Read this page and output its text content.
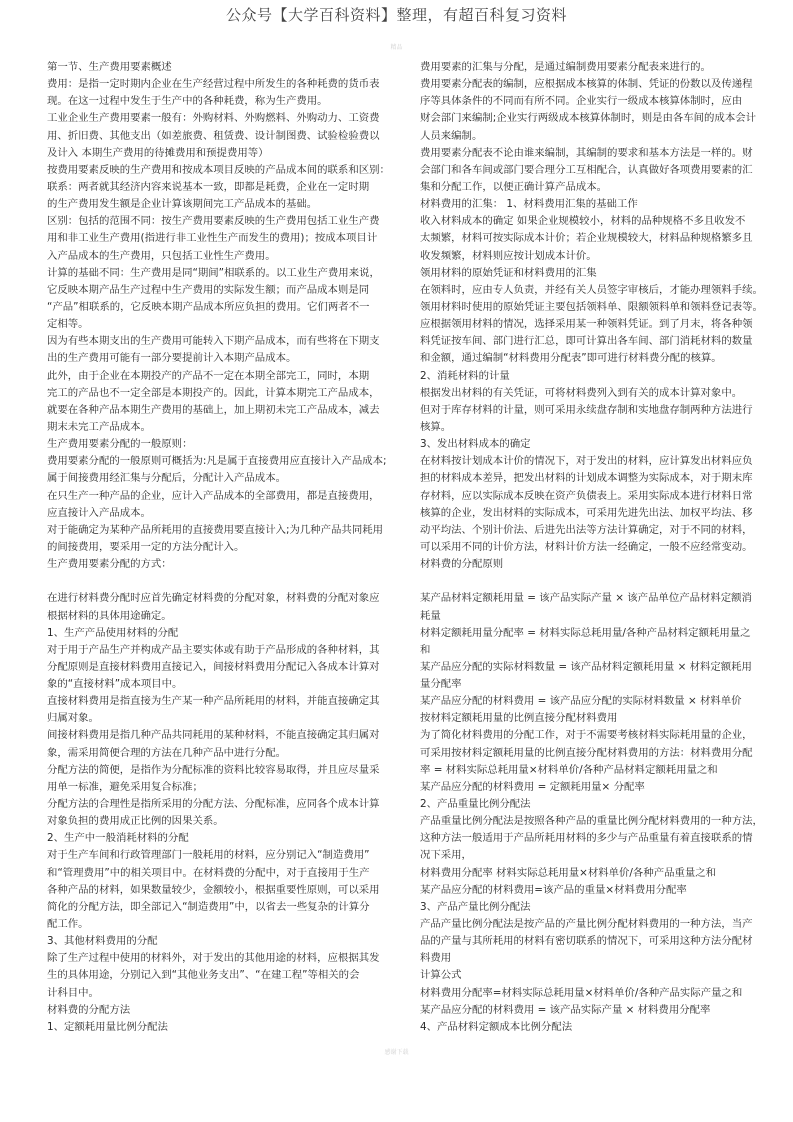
公众号【大学百科资料】整理，有超百科复习资料
精品
第一节、生产费用要素概述
费用：是指一定时期内企业在生产经营过程中所发生的各种耗费的货币表
现。在这一过程中发生于生产中的各种耗费，称为生产费用。
工业企业生产费用要素一般有：外购材料、外购燃料、外购动力、工资费
用、折旧费、其他支出（如差旅费、租赁费、设计制图费、试验检验费以
及计入 本期生产费用的待摊费用和预提费用等）
按费用要素反映的生产费用和按成本项目反映的产品成本间的联系和区别：
联系：两者就其经济内容来说基本一致，即都是耗费，企业在一定时期
的生产费用发生额是企业计算该期间完工产品成本的基础。
区别：包括的范围不同：按生产费用要素反映的生产费用包括工业生产费
用和非工业生产费用(指进行非工业性生产而发生的费用)；按成本项目计
入产品成本的生产费用，只包括工业性生产费用。
计算的基础不同：生产费用是同“期间”相联系的。以工业生产费用来说，
它反映本期产品生产过程中生产费用的实际发生额；而产品成本则是同
“产品”相联系的，它反映本期产品成本所应负担的费用。它们两者不一
定相等。
因为有些本期支出的生产费用可能转入下期产品成本，而有些将在下期支
出的生产费用可能有一部分要提前计入本期产品成本。
此外，由于企业在本期投产的产品不一定在本期全部完工，同时，本期
完工的产品也不一定全部是本期投产的。因此，计算本期完工产品成本，
就要在各种产品本期生产费用的基础上，加上期初未完工产品成本，减去
期末未完工产品成本。
生产费用要素分配的一般原则：
费用要素分配的一般原则可概括为:凡是属于直接费用应直接计入产品成本;
属于间接费用经汇集与分配后，分配计入产品成本。
在只生产一种产品的企业，应计入产品成本的全部费用，都是直接费用，
应直接计入产品成本。
对于能确定为某种产品所耗用的直接费用要直接计入;为几种产品共同耗用
的间接费用，要采用一定的方法分配计入。
生产费用要素分配的方式：
在进行材料费分配时应首先确定材料费的分配对象，材料费的分配对象应
根据材料的具体用途确定。
1、生产产品使用材料的分配
对于用于产品生产并构成产品主要实体或有助于产品形成的各种材料，其
分配原则是直接材料费用直接记入，间接材料费用分配记入各成本计算对
象的“直接材料”成本项目中。
直接材料费用是指直接为生产某一种产品所耗用的材料，并能直接确定其
归属对象。
间接材料费用是指几种产品共同耗用的某种材料，不能直接确定其归属对
象，需采用简便合理的方法在几种产品中进行分配。
分配方法的简便，是指作为分配标准的资料比较容易取得，并且应尽量采
用单一标准，避免采用复合标准；
分配方法的合理性是指所采用的分配方法、分配标准，应同各个成本计算
对象负担的费用成正比例的因果关系。
2、生产中一般消耗材料的分配
对于生产车间和行政管理部门一般耗用的材料，应分别记入“制造费用”
和“管理费用”中的相关项目中。在材料费的分配中，对于直接用于生产
各种产品的材料，如果数量较少，金额较小，根据重要性原则，可以采用
简化的分配方法，即全部记入“制造费用”中，以省去一些复杂的计算分
配工作。
3、其他材料费用的分配
除了生产过程中使用的材料外，对于发出的其他用途的材料，应根据其发
生的具体用途，分别记入到“其他业务支出”、“在建工程”等相关的会
计科目中。
材料费的分配方法
1、定额耗用量比例分配法
费用要素的汇集与分配，是通过编制费用要素分配表来进行的。
费用要素分配表的编制，应根据成本核算的体制、凭证的份数以及传递程
序等具体条件的不同而有所不同。企业实行一级成本核算体制时，应由
财会部门来编制;企业实行两级成本核算体制时，则是由各车间的成本会计
人员来编制。
费用要素分配表不论由谁来编制，其编制的要求和基本方法是一样的。财
会部门和各车间或部门要合理分工互相配合，认真做好各项费用要素的汇
集和分配工作，以便正确计算产品成本。
材料费用的汇集： 1、材料费用汇集的基础工作
收入材料成本的确定 如果企业规模较小，材料的品种规格不多且收发不
太频繁，材料可按实际成本计价；若企业规模较大，材料品种规格繁多且
收发频繁，材料则应按计划成本计价。
领用材料的原始凭证和材料费用的汇集
在领料时，应由专人负责，并经有关人员签字审核后，才能办理领料手续。
领用材料时使用的原始凭证主要包括领料单、限额领料单和领料登记表等。
应根据领用材料的情况，选择采用某一种领料凭证。到了月末，将各种领
料凭证按车间、部门进行汇总，即可计算出各车间、部门消耗材料的数量
和金额，通过编制“材料费用分配表”即可进行材料费分配的核算。
2、消耗材料的计量
根据发出材料的有关凭证，可将材料费列入到有关的成本计算对象中。
但对于库存材料的计量，则可采用永续盘存制和实地盘存制两种方法进行
核算。
3、发出材料成本的确定
在材料按计划成本计价的情况下，对于发出的材料，应计算发出材料应负
担的材料成本差异，把发出材料的计划成本调整为实际成本，对于期末库
存材料，应以实际成本反映在资产负债表上。采用实际成本进行材料日常
核算的企业，发出材料的实际成本，可采用先进先出法、加权平均法、移
动平均法、个别计价法、后进先出法等方法计算确定，对于不同的材料，
可以采用不同的计价方法，材料计价方法一经确定，一般不应经常变动。
材料费的分配原则
某产品材料定额耗用量 = 该产品实际产量 × 该产品单位产品材料定额消
耗量
材料定额耗用量分配率 = 材料实际总耗用量/各种产品材料定额耗用量之
和
某产品应分配的实际材料数量 = 该产品材料定额耗用量 × 材料定额耗用
量分配率
某产品应分配的材料费用 = 该产品应分配的实际材料数量 × 材料单价
按材料定额耗用量的比例直接分配材料费用
为了简化材料费用的分配工作，对于不需要考核材料实际耗用量的企业，
可采用按材料定额耗用量的比例直接分配材料费用的方法：材料费用分配
率 = 材料实际总耗用量×材料单价/各种产品材料定额耗用量之和
某产品应分配的材料费用 = 定额耗用量× 分配率
2、产品重量比例分配法
产品重量比例分配法是按照各种产品的重量比例分配材料费用的一种方法，
这种方法一般适用于产品所耗用材料的多少与产品重量有着直接联系的情
况下采用，
材料费用分配率 材料实际总耗用量×材料单价/各种产品重量之和
某产品应分配的材料费用=该产品的重量×材料费用分配率
3、产品产量比例分配法
产品产量比例分配法是按产品的产量比例分配材料费用的一种方法，当产
品的产量与其所耗用的材料有密切联系的情况下，可采用这种方法分配材
料费用
计算公式
材料费用分配率=材料实际总耗用量×材料单价/各种产品实际产量之和
某产品应分配的材料费用 = 该产品实际产量 × 材料费用分配率
4、产品材料定额成本比例分配法
感谢下载
